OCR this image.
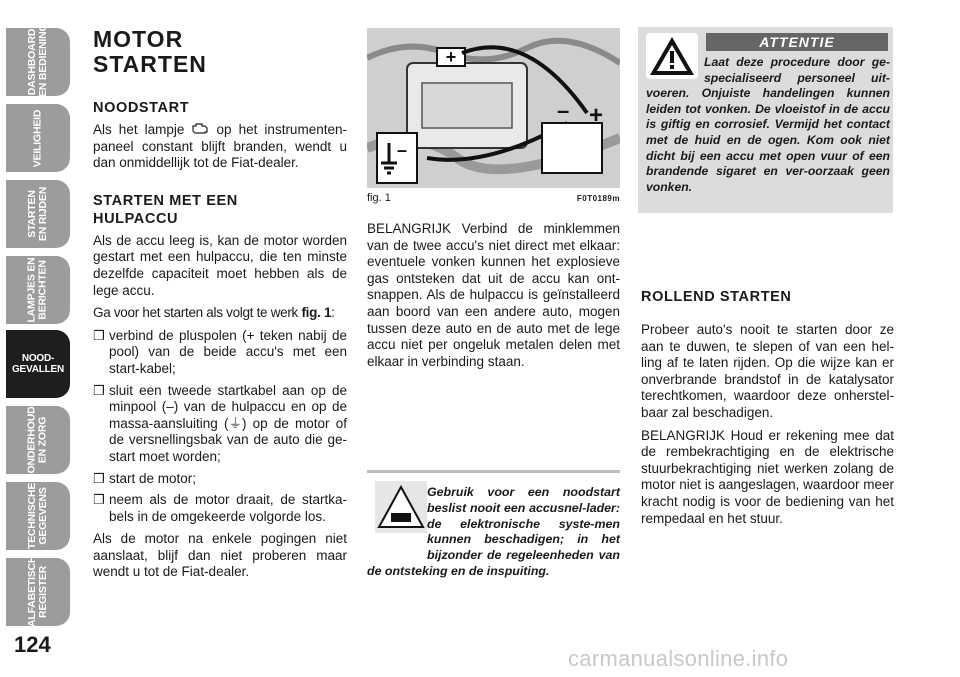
DASHBOARD
EN BEDIENING
VEILIGHEID
STARTEN
EN RIJDEN
LAMPJES EN
BERICHTEN
NOOD-
GEVALLEN
ONDERHOUD
EN ZORG
TECHNISCHE
GEGEVENS
ALFABETISCH
REGISTER
124
MOTOR
STARTEN
NOODSTART

Als het lampje op het instrumenten-paneel constant blijft branden, wendt u dan onmiddellijk tot de Fiat-dealer.

STARTEN MET EEN
HULPACCU

Als de accu leeg is, kan de motor worden gestart met een hulpaccu, die ten minste dezelfde capaciteit moet hebben als de lege accu.

Ga voor het starten als volgt te werk fig. 1:

❒ verbind de pluspolen (+ teken nabij de pool) van de beide accu's met een start-kabel;
❒ sluit een tweede startkabel aan op de minpool (–) van de hulpaccu en op de massa-aansluiting (⏚) op de motor of de versnellingsbak van de auto die ge-start moet worden;
❒ start de motor;
❒ neem als de motor draait, de startka-bels in de omgekeerde volgorde los.

Als de motor na enkele pogingen niet aanslaat, blijf dan niet proberen maar wendt u tot de Fiat-dealer.

+
– +
–
fig. 1	F0T0189m

BELANGRIJK Verbind de minklemmen van de twee accu's niet direct met elkaar: eventuele vonken kunnen het explosieve gas ontsteken dat uit de accu kan ont-snappen. Als de hulpaccu is geïnstalleerd aan boord van een andere auto, mogen tussen deze auto en de auto met de lege accu niet per ongeluk metalen delen met elkaar in verbinding staan.

Gebruik voor een noodstart beslist nooit een accusnel-lader: de elektronische syste-men kunnen beschadigen; in het bijzonder de regeleenheden van de ontsteking en de inspuiting.
ATTENTIE
Laat deze procedure door ge-specialiseerd personeel uit-voeren. Onjuiste handelingen kunnen leiden tot vonken. De vloeistof in de accu is giftig en corrosief. Vermijd het contact met de huid en de ogen. Kom ook niet dicht bij een accu met open vuur of een brandende sigaret en ver-oorzaak geen vonken.
ROLLEND STARTEN

Probeer auto's nooit te starten door ze aan te duwen, te slepen of van een hel-ling af te laten rijden. Op die wijze kan er onverbrande brandstof in de katalysator terechtkomen, waardoor deze onherstel-baar zal beschadigen.

BELANGRIJK Houd er rekening mee dat de rembekrachtiging en de elektrische stuurbekrachtiging niet werken zolang de motor niet is aangeslagen, waardoor meer kracht nodig is voor de bediening van het rempedaal en het stuur.

carmanualsonline.info
